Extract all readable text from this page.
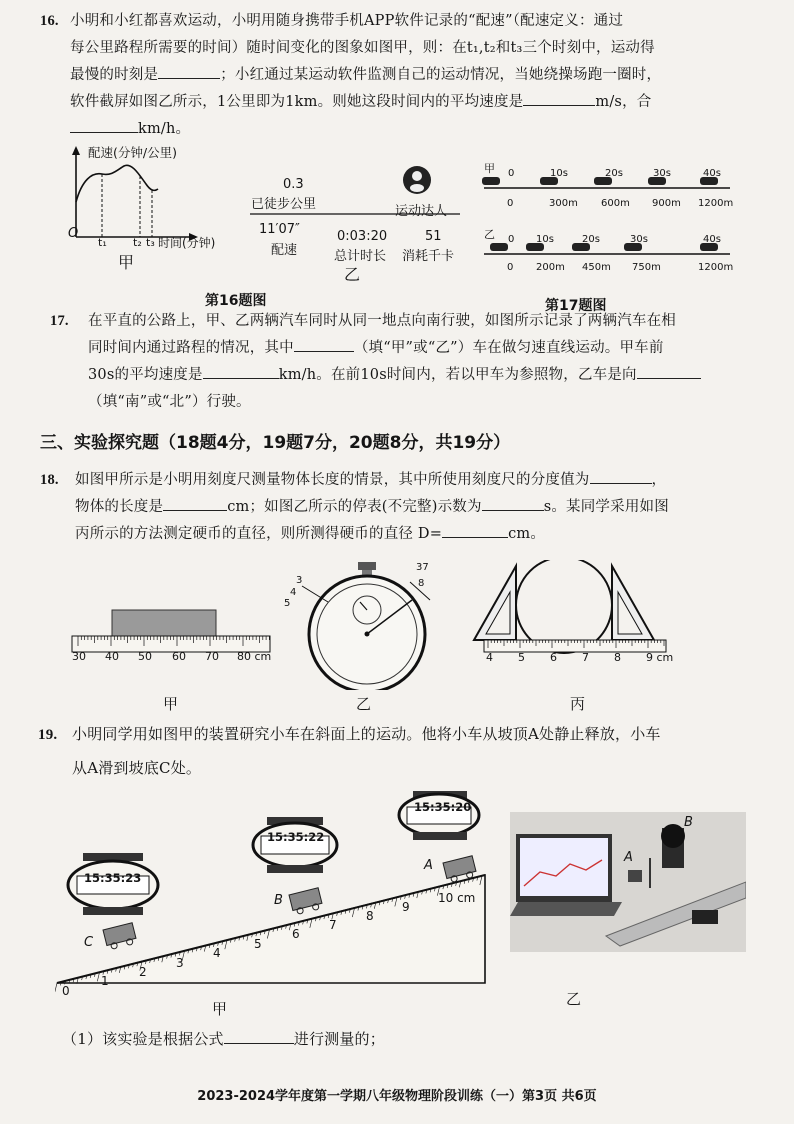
16. 小明和小红都喜欢运动，小明用随身携带手机APP软件记录的“配速”（配速定义：通过
每公里路程所需要的时间）随时间变化的图象如图甲，则：在t₁,t₂和t₃三个时刻中，运动得
最慢的时刻是	；小红通过某运动软件监测自己的运动情况，当她绕操场跑一圈时，
软件截屏如图乙所示，1公里即为1km。则她这段时间内的平均速度是	m/s，合
km/h。
配速(分钟/公里)
O
t₁ t₂ t₃ 时间(分钟)
甲
0.3
已徒步公里	运动达人
11′07″
配速
0:03:20
总计时长
51
消耗千卡
乙
第16题图
甲
乙
0	10s	20s	30s	40s
0	300m 600m 900m 1200m
0 10s	20s	30s	40s
0 200m 450m 750m	1200m
第17题图
17. 在平直的公路上，甲、乙两辆汽车同时从同一地点向南行驶，如图所示记录了两辆汽车在相
同时间内通过路程的情况，其中	（填“甲”或“乙”）车在做匀速直线运动。甲车前
30s的平均速度是	km/h。在前10s时间内，若以甲车为参照物，乙车是向
（填“南”或“北”）行驶。
三、实验探究题（18题4分，19题7分，20题8分，共19分）
18. 如图甲所示是小明用刻度尺测量物体长度的情景，其中所使用刻度尺的分度值为	，
物体的长度是	cm；如图乙所示的停表(不完整)示数为	s。某同学采用如图
丙所示的方法测定硬币的直径，则所测得硬币的直径 D=	cm。
30 40 50 60 70 80 cm
甲
3
4
5
37
8
乙
4 5 6 7 8 9 cm
丙
19. 小明同学用如图甲的装置研究小车在斜面上的运动。他将小车从坡顶A处静止释放，小车
从A滑到坡底C处。
15:35:20
15:35:22
15:35:23
A
B
C
0
1
2
3
4
5
6
7
8
9
10 cm
甲
A
B
乙
（1）该实验是根据公式	进行测量的；
2023-2024学年度第一学期八年级物理阶段训练（一）第3页 共6页
